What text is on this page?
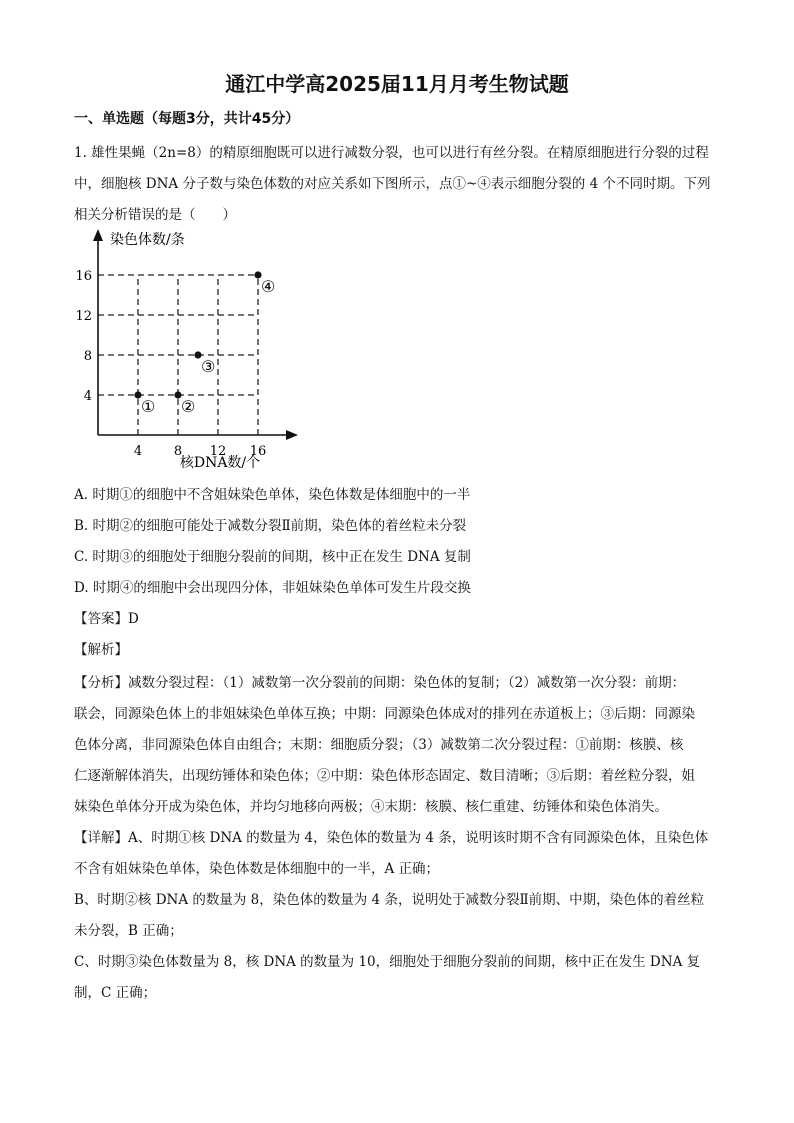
通江中学高2025届11月月考生物试题
一、单选题（每题3分，共计45分）
1. 雄性果蝇（2n=8）的精原细胞既可以进行减数分裂，也可以进行有丝分裂。在精原细胞进行分裂的过程
中，细胞核 DNA 分子数与染色体数的对应关系如下图所示，点①~④表示细胞分裂的 4 个不同时期。下列
相关分析错误的是（　　）
染色体数/条
核DNA数/个
4 8 12 16
4
8
12
16
① ②
③
④
A. 时期①的细胞中不含姐妹染色单体，染色体数是体细胞中的一半
B. 时期②的细胞可能处于减数分裂Ⅱ前期，染色体的着丝粒未分裂
C. 时期③的细胞处于细胞分裂前的间期，核中正在发生 DNA 复制
D. 时期④的细胞中会出现四分体，非姐妹染色单体可发生片段交换
【答案】D
【解析】
【分析】减数分裂过程：（1）减数第一次分裂前的间期：染色体的复制；（2）减数第一次分裂：前期：
联会，同源染色体上的非姐妹染色单体互换；中期：同源染色体成对的排列在赤道板上；③后期：同源染
色体分离，非同源染色体自由组合；末期：细胞质分裂；（3）减数第二次分裂过程：①前期：核膜、核
仁逐渐解体消失，出现纺锤体和染色体；②中期：染色体形态固定、数目清晰；③后期：着丝粒分裂，姐
妹染色单体分开成为染色体，并均匀地移向两极；④末期：核膜、核仁重建、纺锤体和染色体消失。
【详解】A、时期①核 DNA 的数量为 4，染色体的数量为 4 条，说明该时期不含有同源染色体，且染色体
不含有姐妹染色单体，染色体数是体细胞中的一半，A 正确；
B、时期②核 DNA 的数量为 8，染色体的数量为 4 条，说明处于减数分裂Ⅱ前期、中期，染色体的着丝粒
未分裂，B 正确；
C、时期③染色体数量为 8，核 DNA 的数量为 10，细胞处于细胞分裂前的间期，核中正在发生 DNA 复
制，C 正确；
